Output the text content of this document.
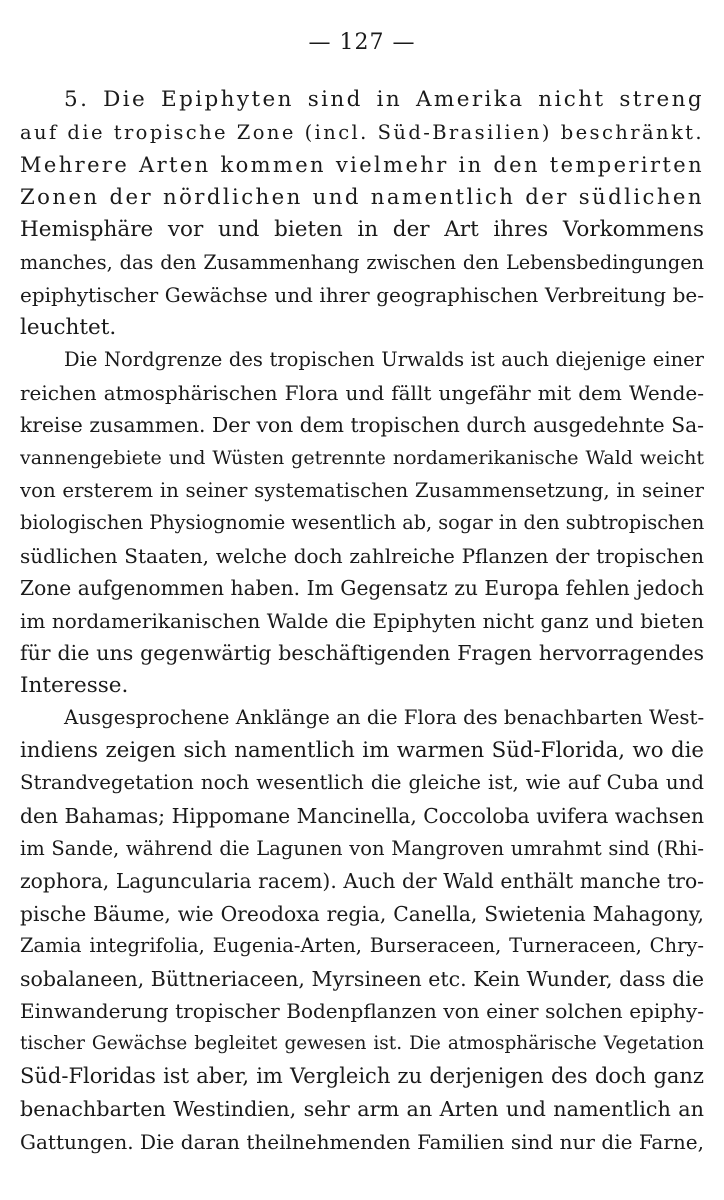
— 127 —
5. Die Epiphyten sind in Amerika nicht streng
auf die tropische Zone (incl. Süd-Brasilien) beschränkt.
Mehrere Arten kommen vielmehr in den temperirten
Zonen der nördlichen und namentlich der südlichen
Hemisphäre vor und bieten in der Art ihres Vorkommens
manches, das den Zusammenhang zwischen den Lebensbedingungen
epiphytischer Gewächse und ihrer geographischen Verbreitung be-
leuchtet.
Die Nordgrenze des tropischen Urwalds ist auch diejenige einer
reichen atmosphärischen Flora und fällt ungefähr mit dem Wende-
kreise zusammen. Der von dem tropischen durch ausgedehnte Sa-
vannengebiete und Wüsten getrennte nordamerikanische Wald weicht
von ersterem in seiner systematischen Zusammensetzung, in seiner
biologischen Physiognomie wesentlich ab, sogar in den subtropischen
südlichen Staaten, welche doch zahlreiche Pflanzen der tropischen
Zone aufgenommen haben. Im Gegensatz zu Europa fehlen jedoch
im nordamerikanischen Walde die Epiphyten nicht ganz und bieten
für die uns gegenwärtig beschäftigenden Fragen hervorragendes
Interesse.
Ausgesprochene Anklänge an die Flora des benachbarten West-
indiens zeigen sich namentlich im warmen Süd-Florida, wo die
Strandvegetation noch wesentlich die gleiche ist, wie auf Cuba und
den Bahamas; Hippomane Mancinella, Coccoloba uvifera wachsen
im Sande, während die Lagunen von Mangroven umrahmt sind (Rhi-
zophora, Laguncularia racem). Auch der Wald enthält manche tro-
pische Bäume, wie Oreodoxa regia, Canella, Swietenia Mahagony,
Zamia integrifolia, Eugenia-Arten, Burseraceen, Turneraceen, Chry-
sobalaneen, Büttneriaceen, Myrsineen etc. Kein Wunder, dass die
Einwanderung tropischer Bodenpflanzen von einer solchen epiphy-
tischer Gewächse begleitet gewesen ist. Die atmosphärische Vegetation
Süd-Floridas ist aber, im Vergleich zu derjenigen des doch ganz
benachbarten Westindien, sehr arm an Arten und namentlich an
Gattungen. Die daran theilnehmenden Familien sind nur die Farne,
